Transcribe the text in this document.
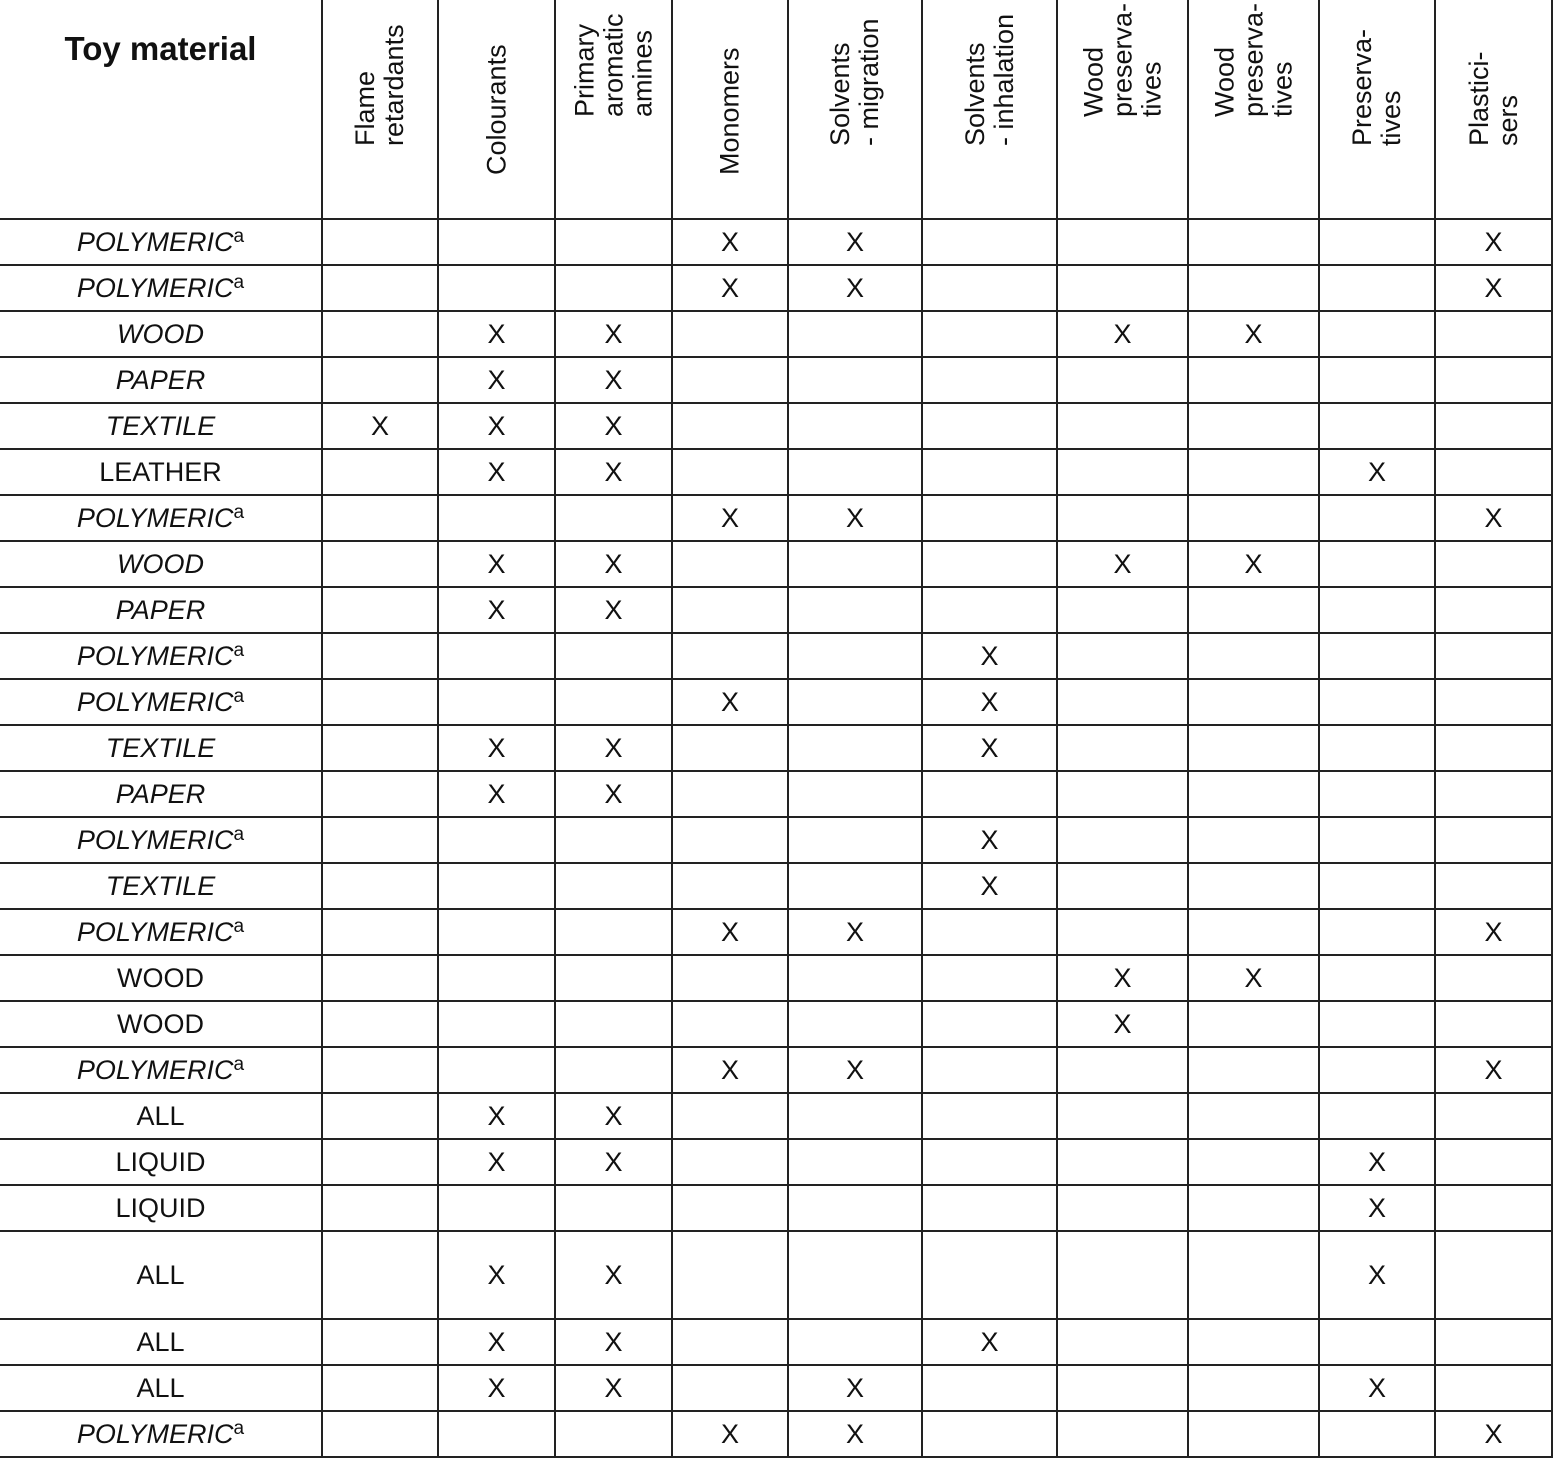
Toy material	Flame retardants	Colourants	Primary aromatic amines	Monomers	Solvents - migration	Solvents - inhalation	Wood preserva- tives	Wood preserva- tives	Preserva- tives	Plastici- sers

POLYMERIC$^a$				X	X					X
POLYMERIC$^a$				X	X					X
WOOD		X	X				X	X		
PAPER		X	X							
TEXTILE	X	X	X							
LEATHER		X	X						X	
POLYMERIC$^a$				X	X					X
WOOD		X	X				X	X		
PAPER		X	X							
POLYMERIC$^a$						X				
POLYMERIC$^a$				X		X				
TEXTILE		X	X			X				
PAPER		X	X							
POLYMERIC$^a$						X				
TEXTILE						X				
POLYMERIC$^a$				X	X					X
WOOD							X	X		
WOOD							X			
POLYMERIC$^a$				X	X					X
ALL		X	X							
LIQUID		X	X						X	
LIQUID									X	
ALL		X	X						X	
ALL		X	X			X				
ALL		X	X		X				X	
POLYMERIC$^a$				X	X					X
